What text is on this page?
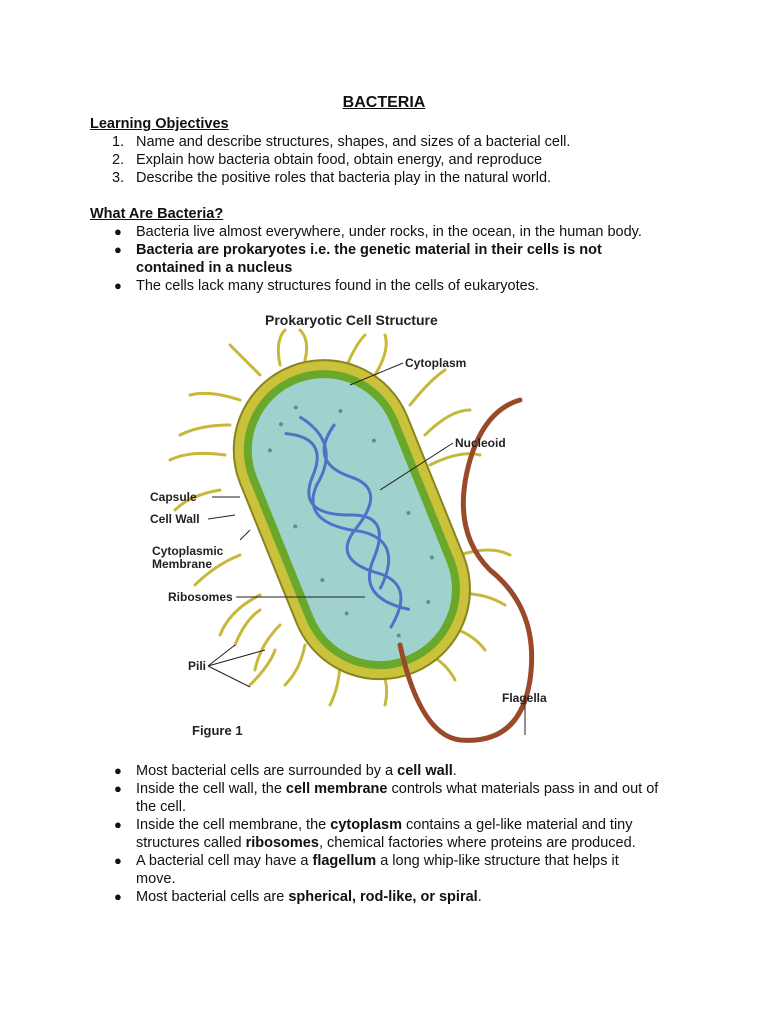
BACTERIA
Learning Objectives
1. Name and describe structures, shapes, and sizes of a bacterial cell.
2. Explain how bacteria obtain food, obtain energy, and reproduce
3. Describe the positive roles that bacteria play in the natural world.
What Are Bacteria?
● Bacteria live almost everywhere, under rocks, in the ocean, in the human body.
● Bacteria are prokaryotes i.e. the genetic material in their cells is not contained in a nucleus
● The cells lack many structures found in the cells of eukaryotes.
Prokaryotic Cell Structure
Cytoplasm
Nucleoid
Capsule
Cell Wall
Cytoplasmic
Membrane
Ribosomes
Pili
Flagella
Figure 1
● Most bacterial cells are surrounded by a cell wall.
● Inside the cell wall, the cell membrane controls what materials pass in and out of the cell.
● Inside the cell membrane, the cytoplasm contains a gel-like material and tiny structures called ribosomes, chemical factories where proteins are produced.
● A bacterial cell may have a flagellum a long whip-like structure that helps it move.
● Most bacterial cells are spherical, rod-like, or spiral.
